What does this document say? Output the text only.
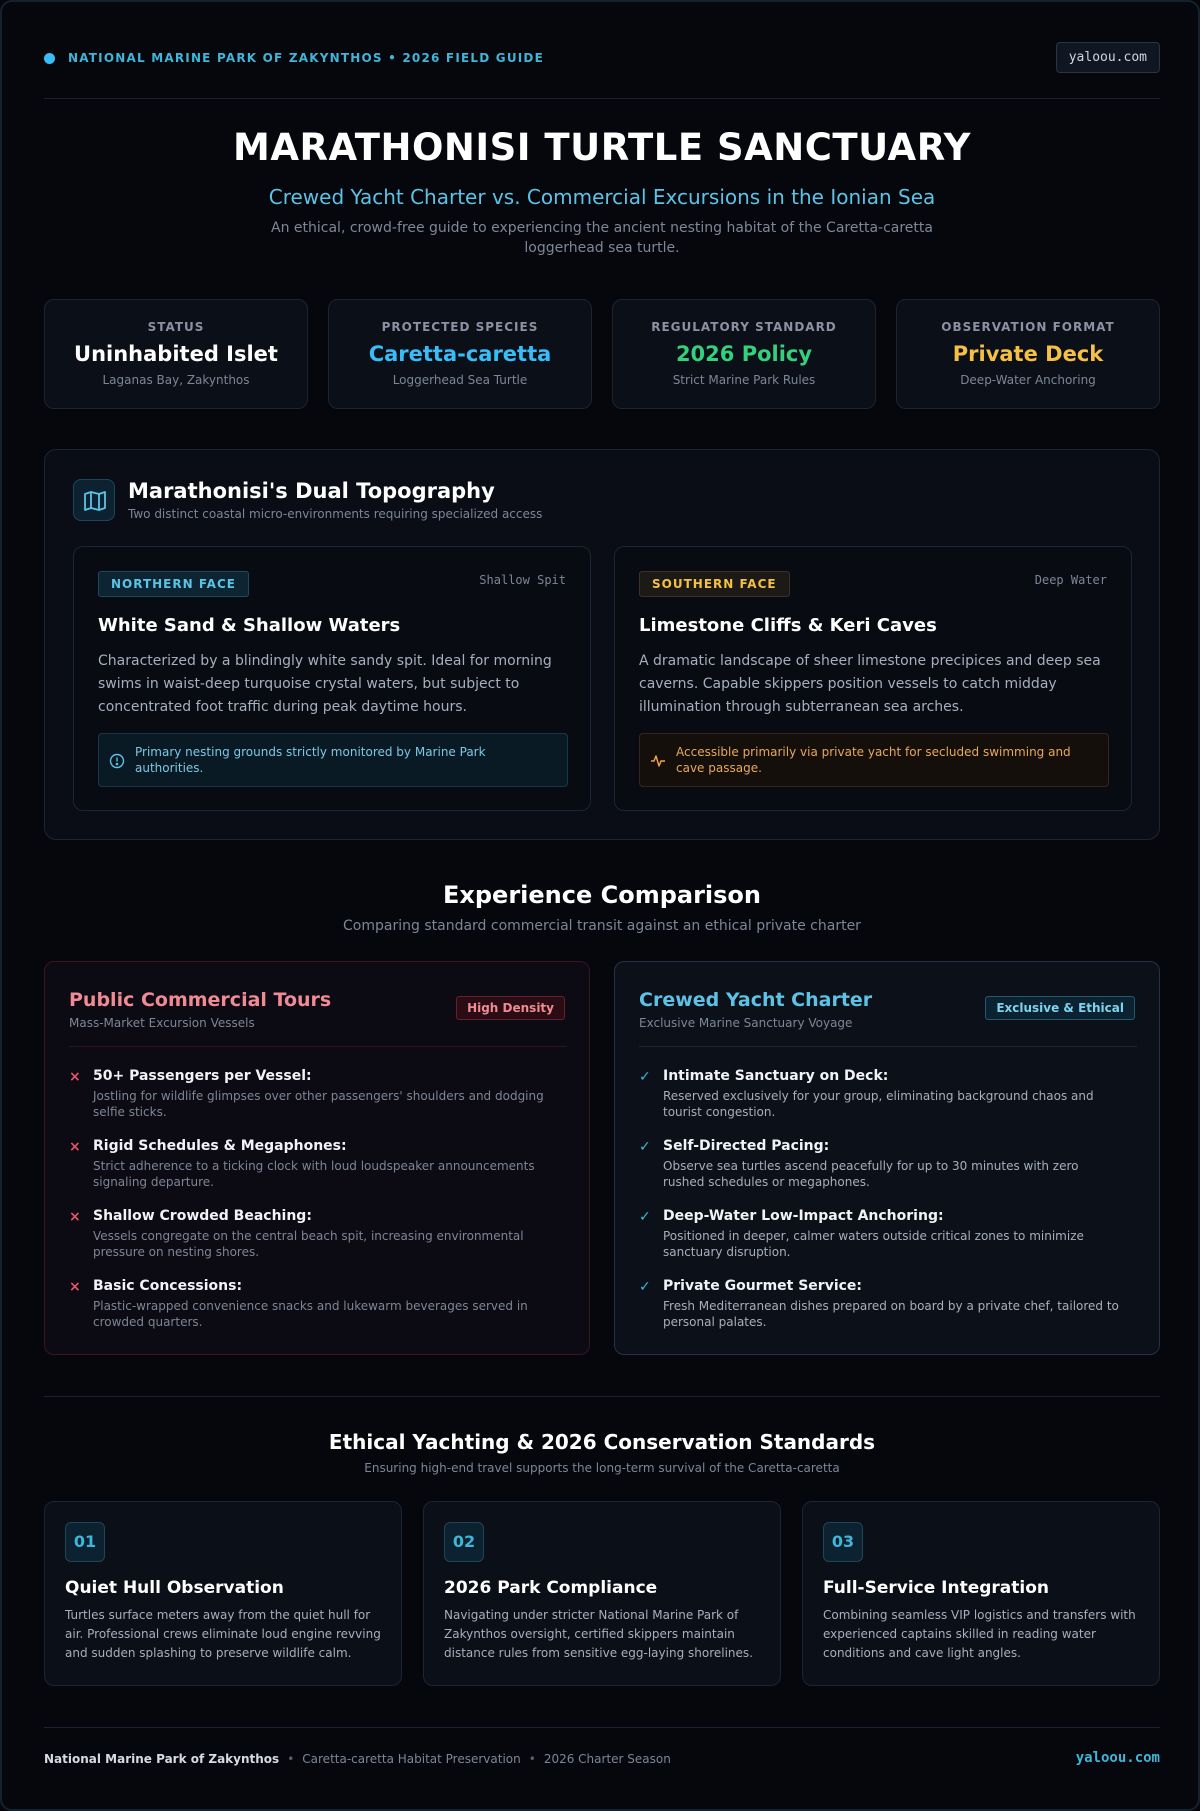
NATIONAL MARINE PARK OF ZAKYNTHOS • 2026 FIELD GUIDE	yaloou.com
MARATHONISI TURTLE SANCTUARY
Crewed Yacht Charter vs. Commercial Excursions in the Ionian Sea
An ethical, crowd-free guide to experiencing the ancient nesting habitat of the Caretta-caretta loggerhead sea turtle.
STATUS
Uninhabited Islet
Laganas Bay, Zakynthos
PROTECTED SPECIES
Caretta-caretta
Loggerhead Sea Turtle
REGULATORY STANDARD
2026 Policy
Strict Marine Park Rules
OBSERVATION FORMAT
Private Deck
Deep-Water Anchoring
Marathonisi's Dual Topography
Two distinct coastal micro-environments requiring specialized access
NORTHERN FACE	Shallow Spit
White Sand & Shallow Waters
Characterized by a blindingly white sandy spit. Ideal for morning swims in waist-deep turquoise crystal waters, but subject to concentrated foot traffic during peak daytime hours.
Primary nesting grounds strictly monitored by Marine Park authorities.
SOUTHERN FACE	Deep Water
Limestone Cliffs & Keri Caves
A dramatic landscape of sheer limestone precipices and deep sea caverns. Capable skippers position vessels to catch midday illumination through subterranean sea arches.
Accessible primarily via private yacht for secluded swimming and cave passage.
Experience Comparison
Comparing standard commercial transit against an ethical private charter
Public Commercial Tours
Mass-Market Excursion Vessels
High Density
× 50+ Passengers per Vessel:
Jostling for wildlife glimpses over other passengers' shoulders and dodging selfie sticks.
× Rigid Schedules & Megaphones:
Strict adherence to a ticking clock with loud loudspeaker announcements signaling departure.
× Shallow Crowded Beaching:
Vessels congregate on the central beach spit, increasing environmental pressure on nesting shores.
× Basic Concessions:
Plastic-wrapped convenience snacks and lukewarm beverages served in crowded quarters.
Crewed Yacht Charter
Exclusive Marine Sanctuary Voyage
Exclusive & Ethical
✓ Intimate Sanctuary on Deck:
Reserved exclusively for your group, eliminating background chaos and tourist congestion.
✓ Self-Directed Pacing:
Observe sea turtles ascend peacefully for up to 30 minutes with zero rushed schedules or megaphones.
✓ Deep-Water Low-Impact Anchoring:
Positioned in deeper, calmer waters outside critical zones to minimize sanctuary disruption.
✓ Private Gourmet Service:
Fresh Mediterranean dishes prepared on board by a private chef, tailored to personal palates.
Ethical Yachting & 2026 Conservation Standards
Ensuring high-end travel supports the long-term survival of the Caretta-caretta
01
Quiet Hull Observation
Turtles surface meters away from the quiet hull for air. Professional crews eliminate loud engine revving and sudden splashing to preserve wildlife calm.
02
2026 Park Compliance
Navigating under stricter National Marine Park of Zakynthos oversight, certified skippers maintain distance rules from sensitive egg-laying shorelines.
03
Full-Service Integration
Combining seamless VIP logistics and transfers with experienced captains skilled in reading water conditions and cave light angles.
National Marine Park of Zakynthos • Caretta-caretta Habitat Preservation • 2026 Charter Season	yaloou.com
